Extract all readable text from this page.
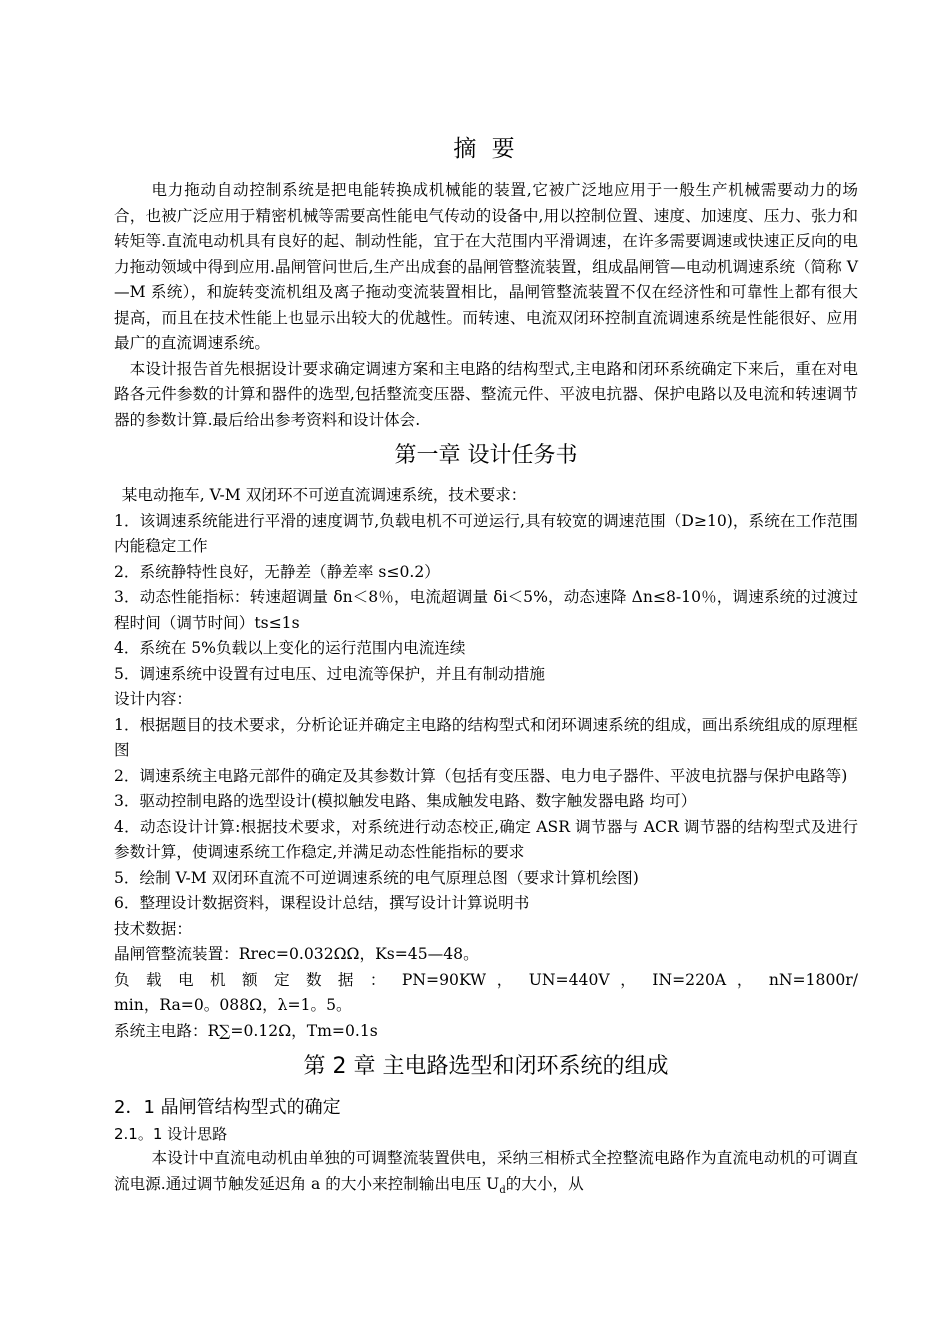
摘 要

电力拖动自动控制系统是把电能转换成机械能的装置,它被广泛地应用于一般生产机械需要动力的场合，也被广泛应用于精密机械等需要高性能电气传动的设备中,用以控制位置、速度、加速度、压力、张力和转矩等.直流电动机具有良好的起、制动性能，宜于在大范围内平滑调速，在许多需要调速或快速正反向的电力拖动领域中得到应用.晶闸管问世后,生产出成套的晶闸管整流装置，组成晶闸管—电动机调速系统（简称 V—M 系统），和旋转变流机组及离子拖动变流装置相比，晶闸管整流装置不仅在经济性和可靠性上都有很大提高，而且在技术性能上也显示出较大的优越性。而转速、电流双闭环控制直流调速系统是性能很好、应用最广的直流调速系统。

本设计报告首先根据设计要求确定调速方案和主电路的结构型式,主电路和闭环系统确定下来后，重在对电路各元件参数的计算和器件的选型,包括整流变压器、整流元件、平波电抗器、保护电路以及电流和转速调节器的参数计算.最后给出参考资料和设计体会.

第一章 设计任务书

某电动拖车, V-M 双闭环不可逆直流调速系统，技术要求：

1．该调速系统能进行平滑的速度调节,负载电机不可逆运行,具有较宽的调速范围（D≥10)，系统在工作范围内能稳定工作

2．系统静特性良好，无静差（静差率 s≤0.2）

3．动态性能指标：转速超调量 δn＜8％，电流超调量 δi＜5%，动态速降 Δn≤8-10％，调速系统的过渡过程时间（调节时间）ts≤1s

4．系统在 5%负载以上变化的运行范围内电流连续

5．调速系统中设置有过电压、过电流等保护，并且有制动措施

设计内容：

1．根据题目的技术要求，分析论证并确定主电路的结构型式和闭环调速系统的组成，画出系统组成的原理框图

2．调速系统主电路元部件的确定及其参数计算（包括有变压器、电力电子器件、平波电抗器与保护电路等)

3．驱动控制电路的选型设计(模拟触发电路、集成触发电路、数字触发器电路 均可）

4．动态设计计算:根据技术要求，对系统进行动态校正,确定 ASR 调节器与 ACR 调节器的结构型式及进行参数计算，使调速系统工作稳定,并满足动态性能指标的要求

5．绘制 V-M 双闭环直流不可逆调速系统的电气原理总图（要求计算机绘图)

6．整理设计数据资料，课程设计总结，撰写设计计算说明书

技术数据：

晶闸管整流装置：Rrec=0.032ΩΩ，Ks=45—48。

负 载 电 机 额 定 数 据 ： PN=90KW ， UN=440V ， IN=220A ， nN=1800r/

min，Ra=0。088Ω，λ=1。5。

系统主电路：R∑=0.12Ω，Tm=0.1s

第 2 章 主电路选型和闭环系统的组成
2．1 晶闸管结构型式的确定
2.1。1 设计思路

本设计中直流电动机由单独的可调整流装置供电，采纳三相桥式全控整流电路作为直流电动机的可调直流电源.通过调节触发延迟角 a 的大小来控制输出电压 $U_d$的大小，从
